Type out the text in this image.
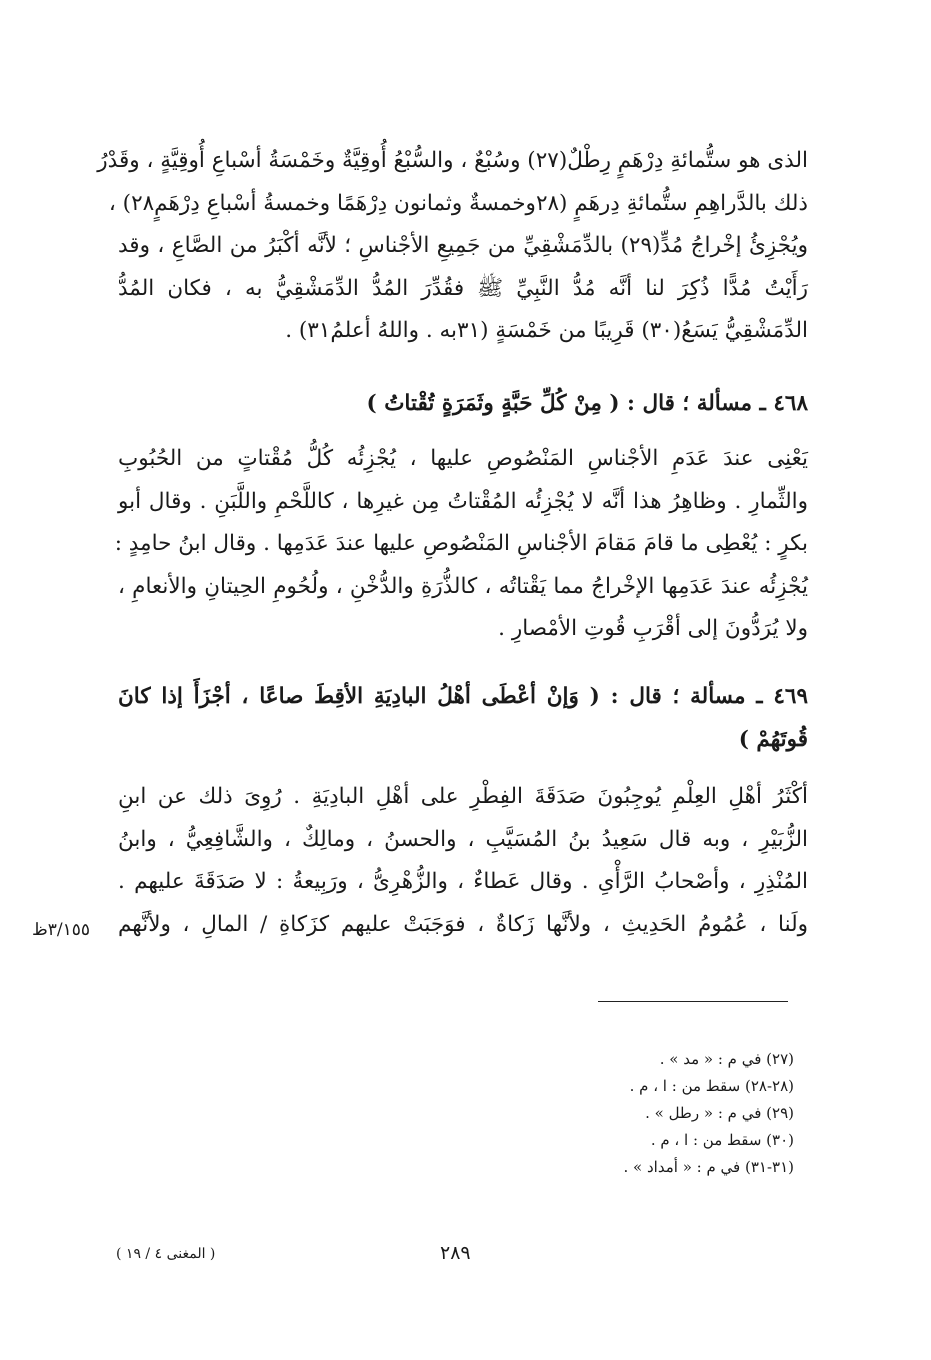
الذى هو ستُّمائةِ دِرْهَمٍ رِطْلٌ(٢٧) وسُبْعٌ ، والسُّبْعُ أُوقِيَّةٌ وخَمْسَةُ أسْباعِ أُوقِيَّةٍ ، وقَدْرُ
ذلك بالدَّراهِمِ ستُّمائةِ دِرهَمٍ (٢٨وخمسةٌ وثمانون دِرْهَمًا وخمسةُ أسْباعِ دِرْهَمٍ٢٨) ،
ويُجْزِئُ إخْراجُ مُدٍّ(٢٩) بالدِّمَشْقِيِّ من جَمِيعِ الأجْناسِ ؛ لأنَّه أكْبَرُ من الصَّاعِ ، وقد
رَأَيْتُ مُدًّا ذُكِرَ لنا أنَّه مُدُّ النَّبِيِّ ﷺ فقُدِّرَ المُدُّ الدِّمَشْقِيُّ به ، فكان المُدُّ
الدِّمَشْقِيُّ يَسَعُ(٣٠) قَرِيبًا من خَمْسَةٍ (٣١به . واللهُ أعلمُ٣١) .
٤٦٨ ـ مسألة ؛ قال : ( مِنْ كُلِّ حَبَّةٍ وثَمَرَةٍ تُقْتاتُ )
يَعْنِى عندَ عَدَمِ الأجْناسِ المَنْصُوصِ عليها ، يُجْزِئُه كُلُّ مُقْتاتٍ من الحُبُوبِ
والثِّمارِ . وظاهِرُ هذا أنَّه لا يُجْزِئُه المُقْتاتُ مِن غيرِها ، كاللَّحْمِ واللَّبَنِ . وقال أبو
بكرٍ : يُعْطِى ما قامَ مَقامَ الأجْناسِ المَنْصُوصِ عليها عندَ عَدَمِها . وقال ابنُ حامِدٍ :
يُجْزِئُه عندَ عَدَمِها الإخْراجُ مما يَقْتاتُه ، كالذُّرَةِ والدُّخْنِ ، ولُحُومِ الحِيتانِ والأنعامِ ،
ولا يُرَدُّونَ إلى أقْرَبِ قُوتِ الأمْصارِ .
٤٦٩ ـ مسألة ؛ قال : ( وَإنْ أعْطَى أهْلُ البادِيَةِ الأقِطَ صاعًا ، أجْزَأَ إذا كانَ
قُوتَهُمْ )
أكْثَرُ أهْلِ العِلْمِ يُوجِبُونَ صَدَقَةَ الفِطْرِ على أهْلِ البادِيَةِ . رُوِىَ ذلك عن ابنِ
الزُّبَيْرِ ، وبه قال سَعِيدُ بنُ المُسَيَّبِ ، والحسنُ ، ومالِكٌ ، والشَّافِعِيُّ ، وابنُ
المُنْذِرِ ، وأصْحابُ الرَّأْىِ . وقال عَطاءٌ ، والزُّهْرِىُّ ، ورَبِيعةُ : لا صَدَقَةَ عليهم .
ولَنا ، عُمُومُ الحَدِيثِ ، ولأنَّها زَكاةٌ ، فوَجَبَتْ عليهم كزَكاةِ / المالِ ، ولأنَّهم
٣/١٥٥ظ
(٢٧) في م : « مد » .
(٢٨-٢٨) سقط من : ا ، م .
(٢٩) في م : « رطل » .
(٣٠) سقط من : ا ، م .
(٣١-٣١) في م : « أمداد » .
٢٨٩
( المغنى ٤ / ١٩ )
